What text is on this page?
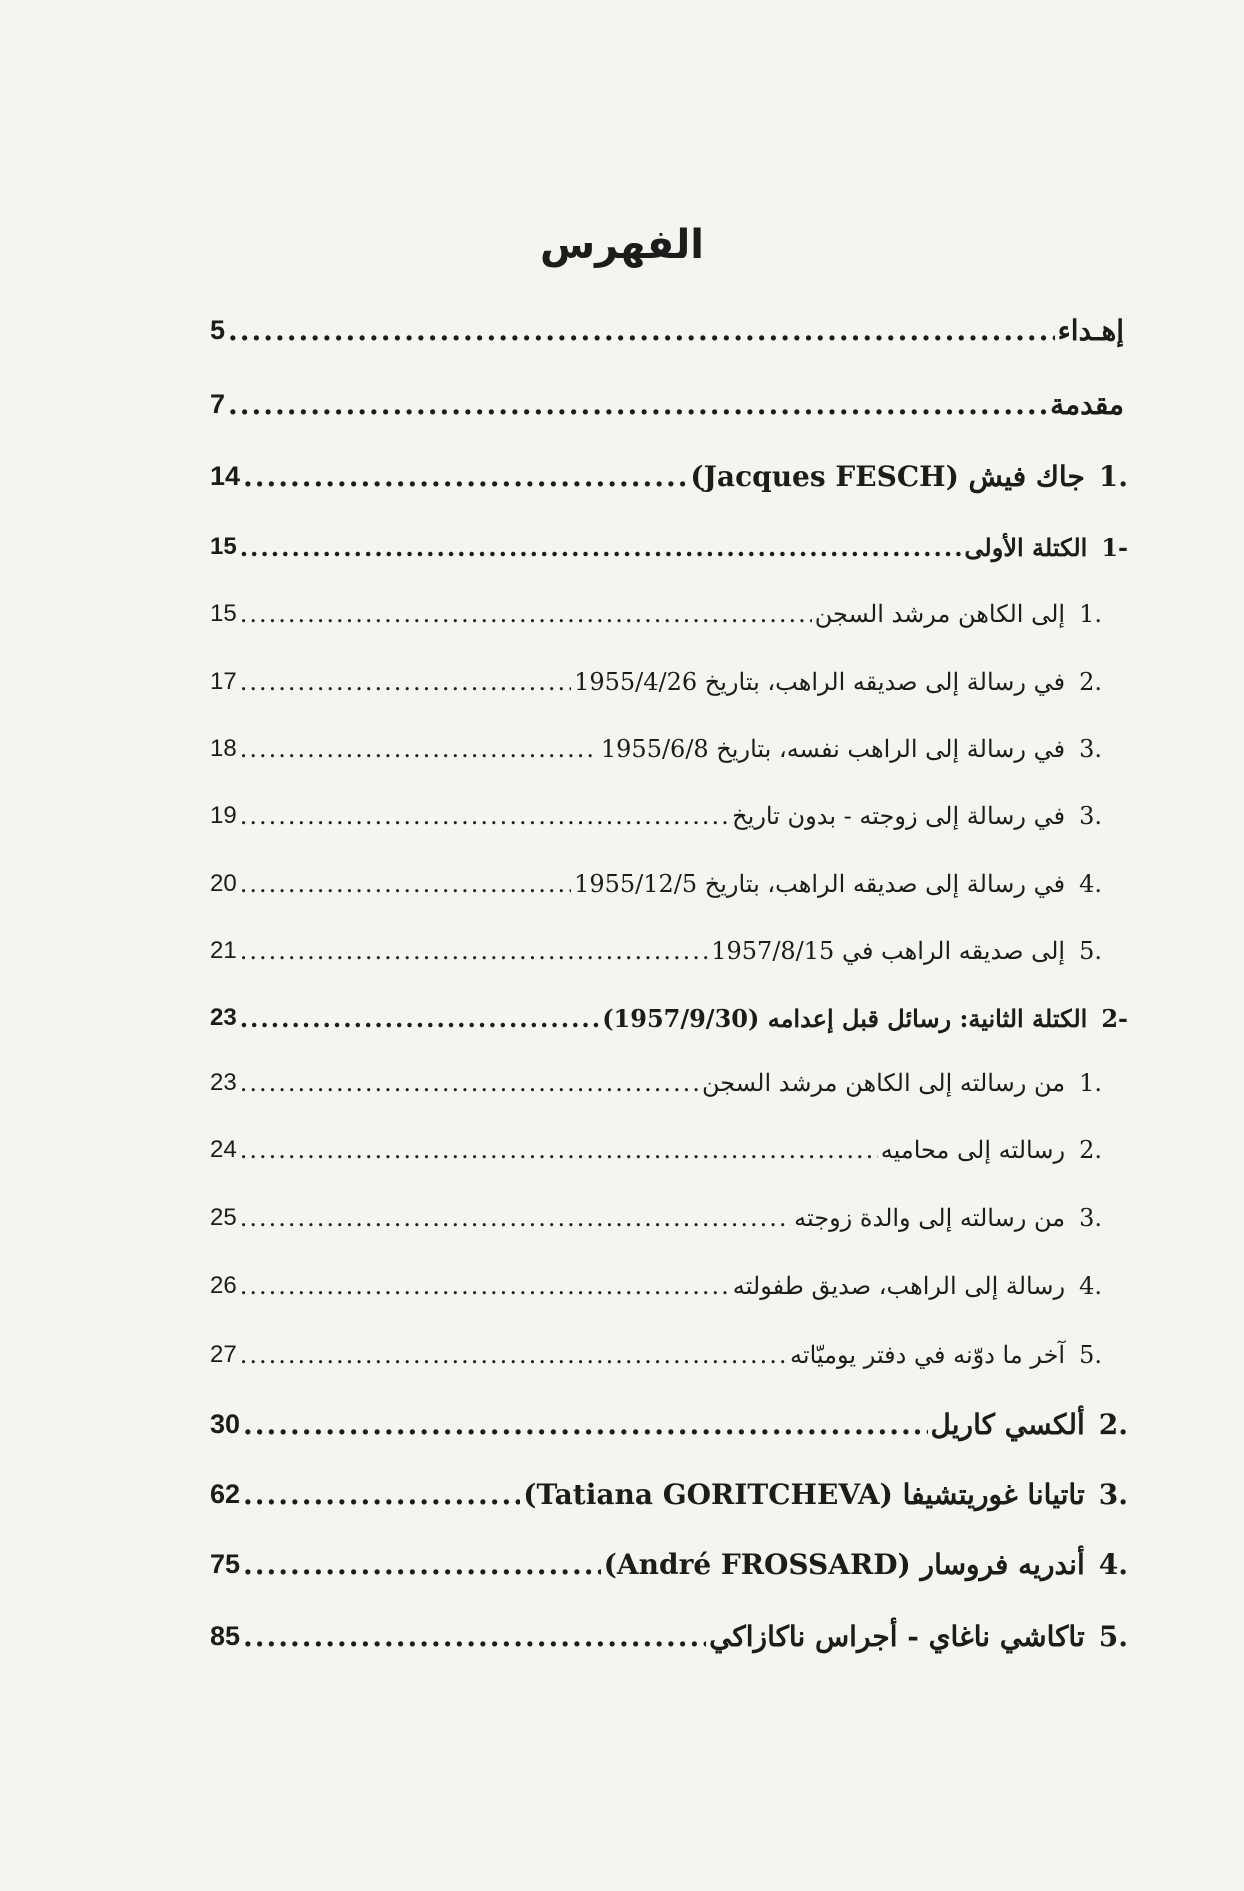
الفهرس
إهـداء
.....
5
مقدمة
.....
7
.1
جاك فيش (Jacques FESCH)
.....
14
-1
الكتلة الأولى
.....
15
.1
إلى الكاهن مرشد السجن
.....
15
.2
في رسالة إلى صديقه الراهب، بتاريخ 1955/4/26
.....
17
.3
في رسالة إلى الراهب نفسه، بتاريخ 1955/6/8
.....
18
.3
في رسالة إلى زوجته - بدون تاريخ
.....
19
.4
في رسالة إلى صديقه الراهب، بتاريخ 1955/12/5
.....
20
.5
إلى صديقه الراهب في 1957/8/15
.....
21
-2
الكتلة الثانية: رسائل قبل إعدامه (1957/9/30)
.....
23
.1
من رسالته إلى الكاهن مرشد السجن
.....
23
.2
رسالته إلى محاميه
.....
24
.3
من رسالته إلى والدة زوجته
.....
25
.4
رسالة إلى الراهب، صديق طفولته
.....
26
.5
آخر ما دوّنه في دفتر يوميّاته
.....
27
.2
ألكسي كاريل
.....
30
.3
تاتيانا غوريتشيفا (Tatiana GORITCHEVA)
.....
62
.4
أندريه فروسار (André FROSSARD)
.....
75
.5
تاكاشي ناغاي - أجراس ناكازاكي
.....
85
